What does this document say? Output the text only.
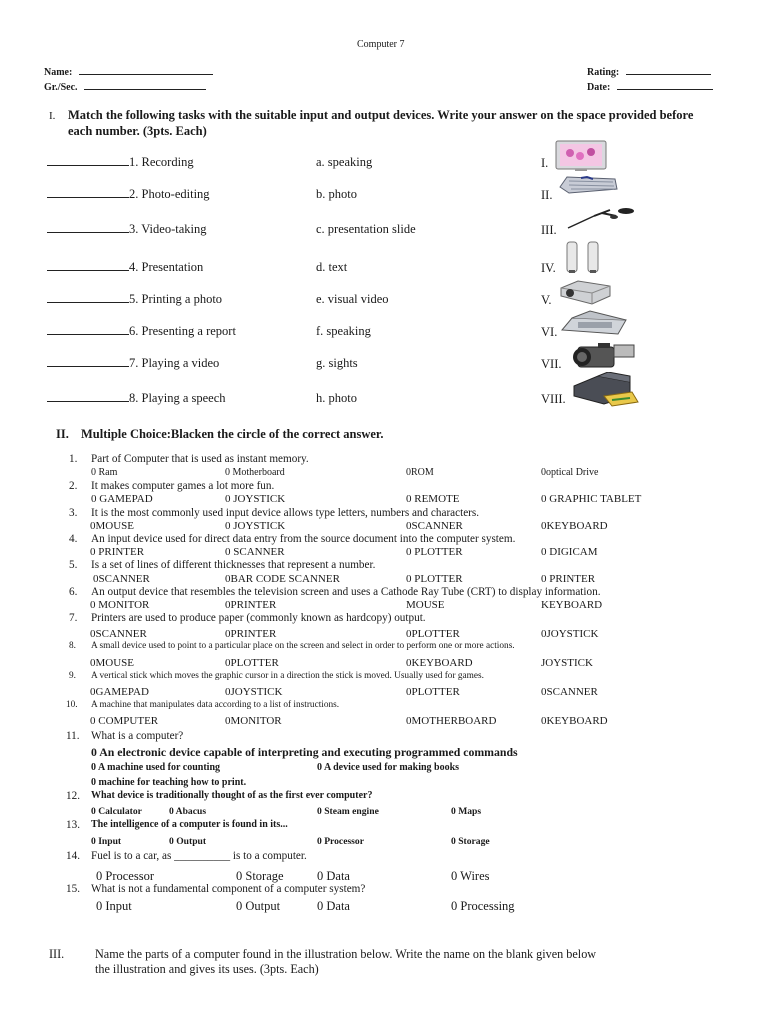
Computer 7
Name:	Rating:
Gr./Sec.	Date:
I. Match the following tasks with the suitable input and output devices. Write your answer on the space provided before each number. (3pts. Each)
1. Recording	a. speaking	I.
2. Photo-editing	b. photo	II.
3. Video-taking	c. presentation slide	III.
4. Presentation	d. text	IV.
5. Printing a photo	e. visual video	V.
6. Presenting a report	f. speaking	VI.
7. Playing a video	g. sights	VII.
8. Playing a speech	h. photo	VIII.
II. Multiple Choice:Blacken the circle of the correct answer.
1. Part of Computer that is used as instant memory.
0 Ram	0 Motherboard	0ROM	0optical Drive
2. It makes computer games a lot more fun.
0 GAMEPAD	0 JOYSTICK	0 REMOTE	0 GRAPHIC TABLET
3. It is the most commonly used input device allows type letters, numbers and characters.
0MOUSE	0 JOYSTICK	0SCANNER	0KEYBOARD
4. An input device used for direct data entry from the source document into the computer system.
0 PRINTER	0 SCANNER	0 PLOTTER	0 DIGICAM
5. Is a set of lines of different thicknesses that represent a number.
0SCANNER	0BAR CODE SCANNER	0 PLOTTER	0 PRINTER
6. An output device that resembles the television screen and uses a Cathode Ray Tube (CRT) to display information.
0 MONITOR	0PRINTER	MOUSE	KEYBOARD
7. Printers are used to produce paper (commonly known as hardcopy) output.
0SCANNER	0PRINTER	0PLOTTER	0JOYSTICK
8. A small device used to point to a particular place on the screen and select in order to perform one or more actions.
0MOUSE	0PLOTTER	0KEYBOARD	JOYSTICK
9. A vertical stick which moves the graphic cursor in a direction the stick is moved. Usually used for games.
0GAMEPAD	0JOYSTICK	0PLOTTER	0SCANNER
10. A machine that manipulates data according to a list of instructions.
0 COMPUTER	0MONITOR	0MOTHERBOARD	0KEYBOARD
11. What is a computer?
0 An electronic device capable of interpreting and executing programmed commands
0 A machine used for counting	0 A device used for making books
0 machine for teaching how to print.
12. What device is traditionally thought of as the first ever computer?
0 Calculator	0 Abacus	0 Steam engine	0 Maps
13. The intelligence of a computer is found in its...
0 Input	0 Output	0 Processor	0 Storage
14. Fuel is to a car, as __________ is to a computer.
0 Processor	0 Storage	0 Data	0 Wires
15. What is not a fundamental component of a computer system?
0 Input	0 Output	0 Data	0 Processing
III.	Name the parts of a computer found in the illustration below. Write the name on the blank given below
the illustration and gives its uses. (3pts. Each)
